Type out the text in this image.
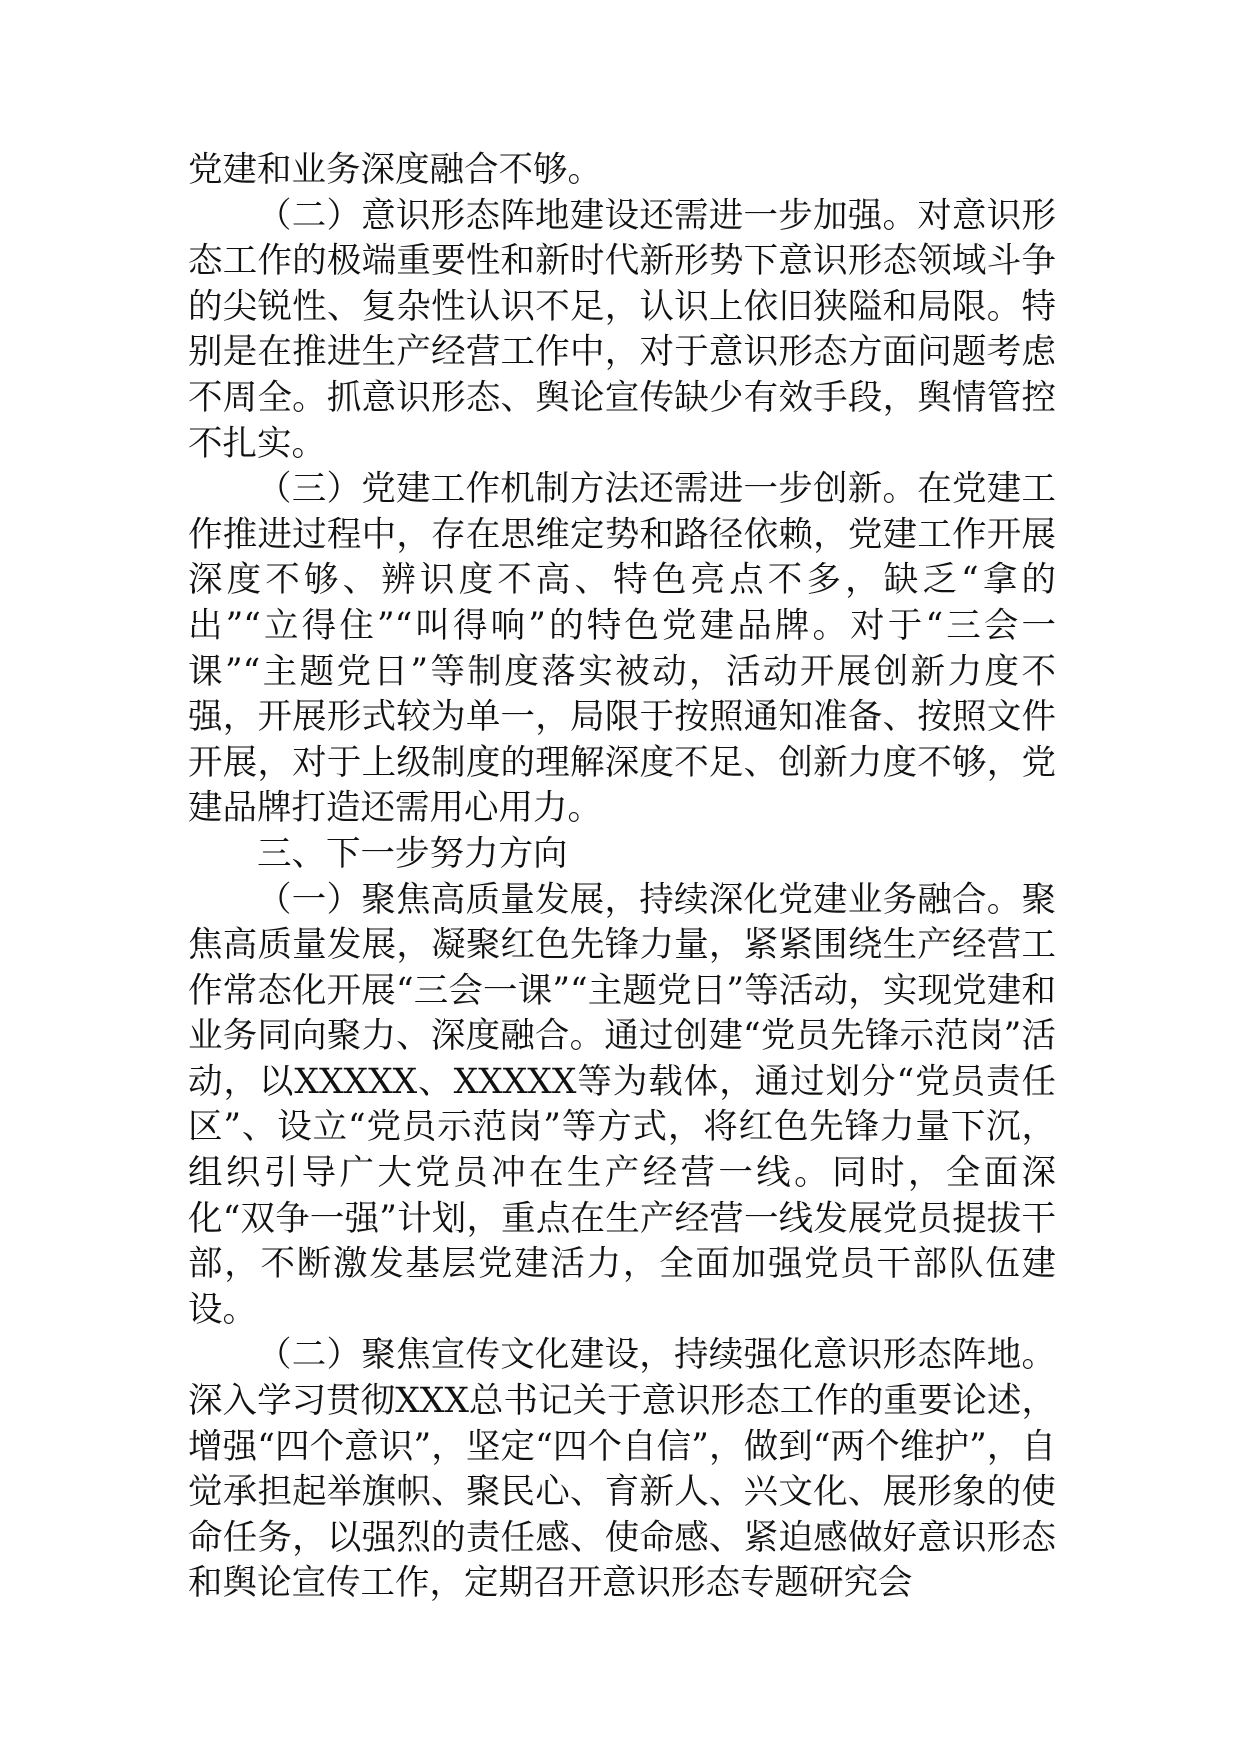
党建和业务深度融合不够。

（二）意识形态阵地建设还需进一步加强。对意识形态工作的极端重要性和新时代新形势下意识形态领域斗争的尖锐性、复杂性认识不足，认识上依旧狭隘和局限。特别是在推进生产经营工作中，对于意识形态方面问题考虑不周全。抓意识形态、舆论宣传缺少有效手段，舆情管控不扎实。

（三）党建工作机制方法还需进一步创新。在党建工作推进过程中，存在思维定势和路径依赖，党建工作开展深度不够、辨识度不高、特色亮点不多，缺乏“拿的出”“立得住”“叫得响”的特色党建品牌。对于“三会一课”“主题党日”等制度落实被动，活动开展创新力度不强，开展形式较为单一，局限于按照通知准备、按照文件开展，对于上级制度的理解深度不足、创新力度不够，党建品牌打造还需用心用力。

三、下一步努力方向

（一）聚焦高质量发展，持续深化党建业务融合。聚焦高质量发展，凝聚红色先锋力量，紧紧围绕生产经营工作常态化开展“三会一课”“主题党日”等活动，实现党建和业务同向聚力、深度融合。通过创建“党员先锋示范岗”活动，以XXXXX、XXXXX等为载体，通过划分“党员责任区”、设立“党员示范岗”等方式，将红色先锋力量下沉，组织引导广大党员冲在生产经营一线。同时，全面深化“双争一强”计划，重点在生产经营一线发展党员提拔干部，不断激发基层党建活力，全面加强党员干部队伍建设。

（二）聚焦宣传文化建设，持续强化意识形态阵地。深入学习贯彻XXX总书记关于意识形态工作的重要论述，增强“四个意识”，坚定“四个自信”，做到“两个维护”，自觉承担起举旗帜、聚民心、育新人、兴文化、展形象的使命任务，以强烈的责任感、使命感、紧迫感做好意识形态和舆论宣传工作，定期召开意识形态专题研究会
